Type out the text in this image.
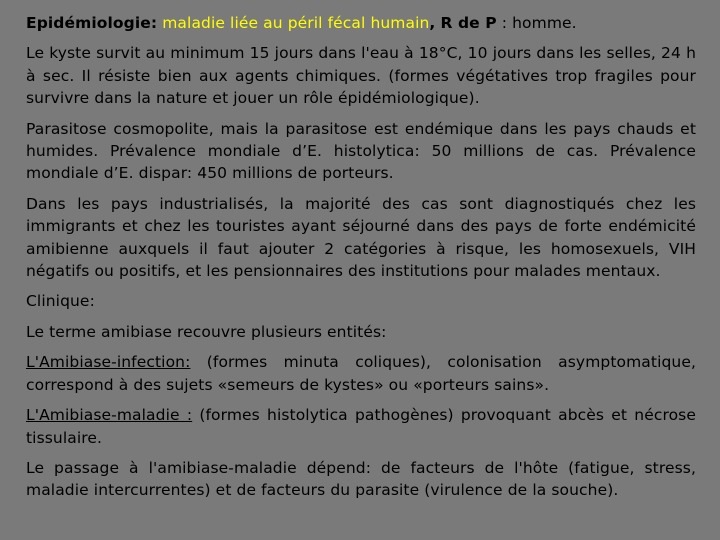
Epidémiologie: maladie liée au péril fécal humain, R de P : homme.

Le kyste survit au minimum 15 jours dans l'eau à 18°C, 10 jours dans les selles, 24 h à sec. Il résiste bien aux agents chimiques. (formes végétatives trop fragiles pour survivre dans la nature et jouer un rôle épidémiologique).

Parasitose cosmopolite, mais la parasitose est endémique dans les pays chauds et humides. Prévalence mondiale d’E. histolytica: 50 millions de cas. Prévalence mondiale d’E. dispar: 450 millions de porteurs.

Dans les pays industrialisés, la majorité des cas sont diagnostiqués chez les immigrants et chez les touristes ayant séjourné dans des pays de forte endémicité amibienne auxquels il faut ajouter 2 catégories à risque, les homosexuels, VIH négatifs ou positifs, et les pensionnaires des institutions pour malades mentaux.

Clinique:

Le terme amibiase recouvre plusieurs entités:

L'Amibiase-infection: (formes minuta coliques), colonisation asymptomatique, correspond à des sujets «semeurs de kystes» ou «porteurs sains».

L'Amibiase-maladie : (formes histolytica pathogènes) provoquant abcès et nécrose tissulaire.

Le passage à l'amibiase-maladie dépend: de facteurs de l'hôte (fatigue, stress, maladie intercurrentes) et de facteurs du parasite (virulence de la souche).
